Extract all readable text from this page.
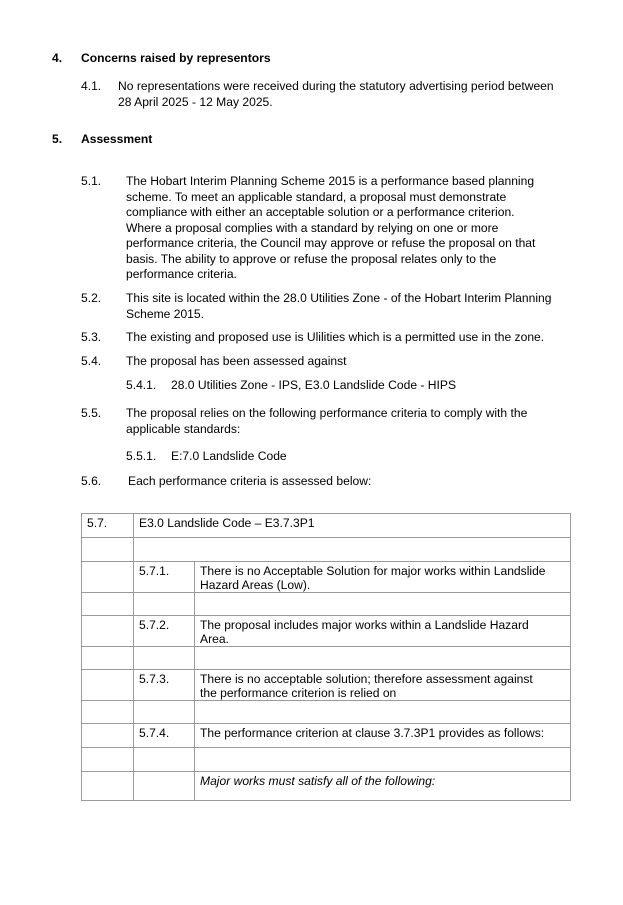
4. Concerns raised by representors
4.1. No representations were received during the statutory advertising period between
28 April 2025 - 12 May 2025.
5. Assessment
5.1. The Hobart Interim Planning Scheme 2015 is a performance based planning
scheme. To meet an applicable standard, a proposal must demonstrate
compliance with either an acceptable solution or a performance criterion.
Where a proposal complies with a standard by relying on one or more
performance criteria, the Council may approve or refuse the proposal on that
basis. The ability to approve or refuse the proposal relates only to the
performance criteria.
5.2. This site is located within the 28.0 Utilities Zone - of the Hobart Interim Planning
Scheme 2015.
5.3. The existing and proposed use is Ulilities which is a permitted use in the zone.
5.4. The proposal has been assessed against
5.4.1. 28.0 Utilities Zone - IPS, E3.0 Landslide Code - HIPS
5.5. The proposal relies on the following performance criteria to comply with the
applicable standards:
5.5.1. E:7.0 Landslide Code
5.6. Each performance criteria is assessed below:
5.7.	E3.0 Landslide Code – E3.7.3P1	

	5.7.1.	There is no Acceptable Solution for major works within Landslide
Hazard Areas (Low).

	5.7.2.	The proposal includes major works within a Landslide Hazard
Area.

	5.7.3.	There is no acceptable solution; therefore assessment against
the performance criterion is relied on

	5.7.4.	The performance criterion at clause 3.7.3P1 provides as follows:

		Major works must satisfy all of the following:
